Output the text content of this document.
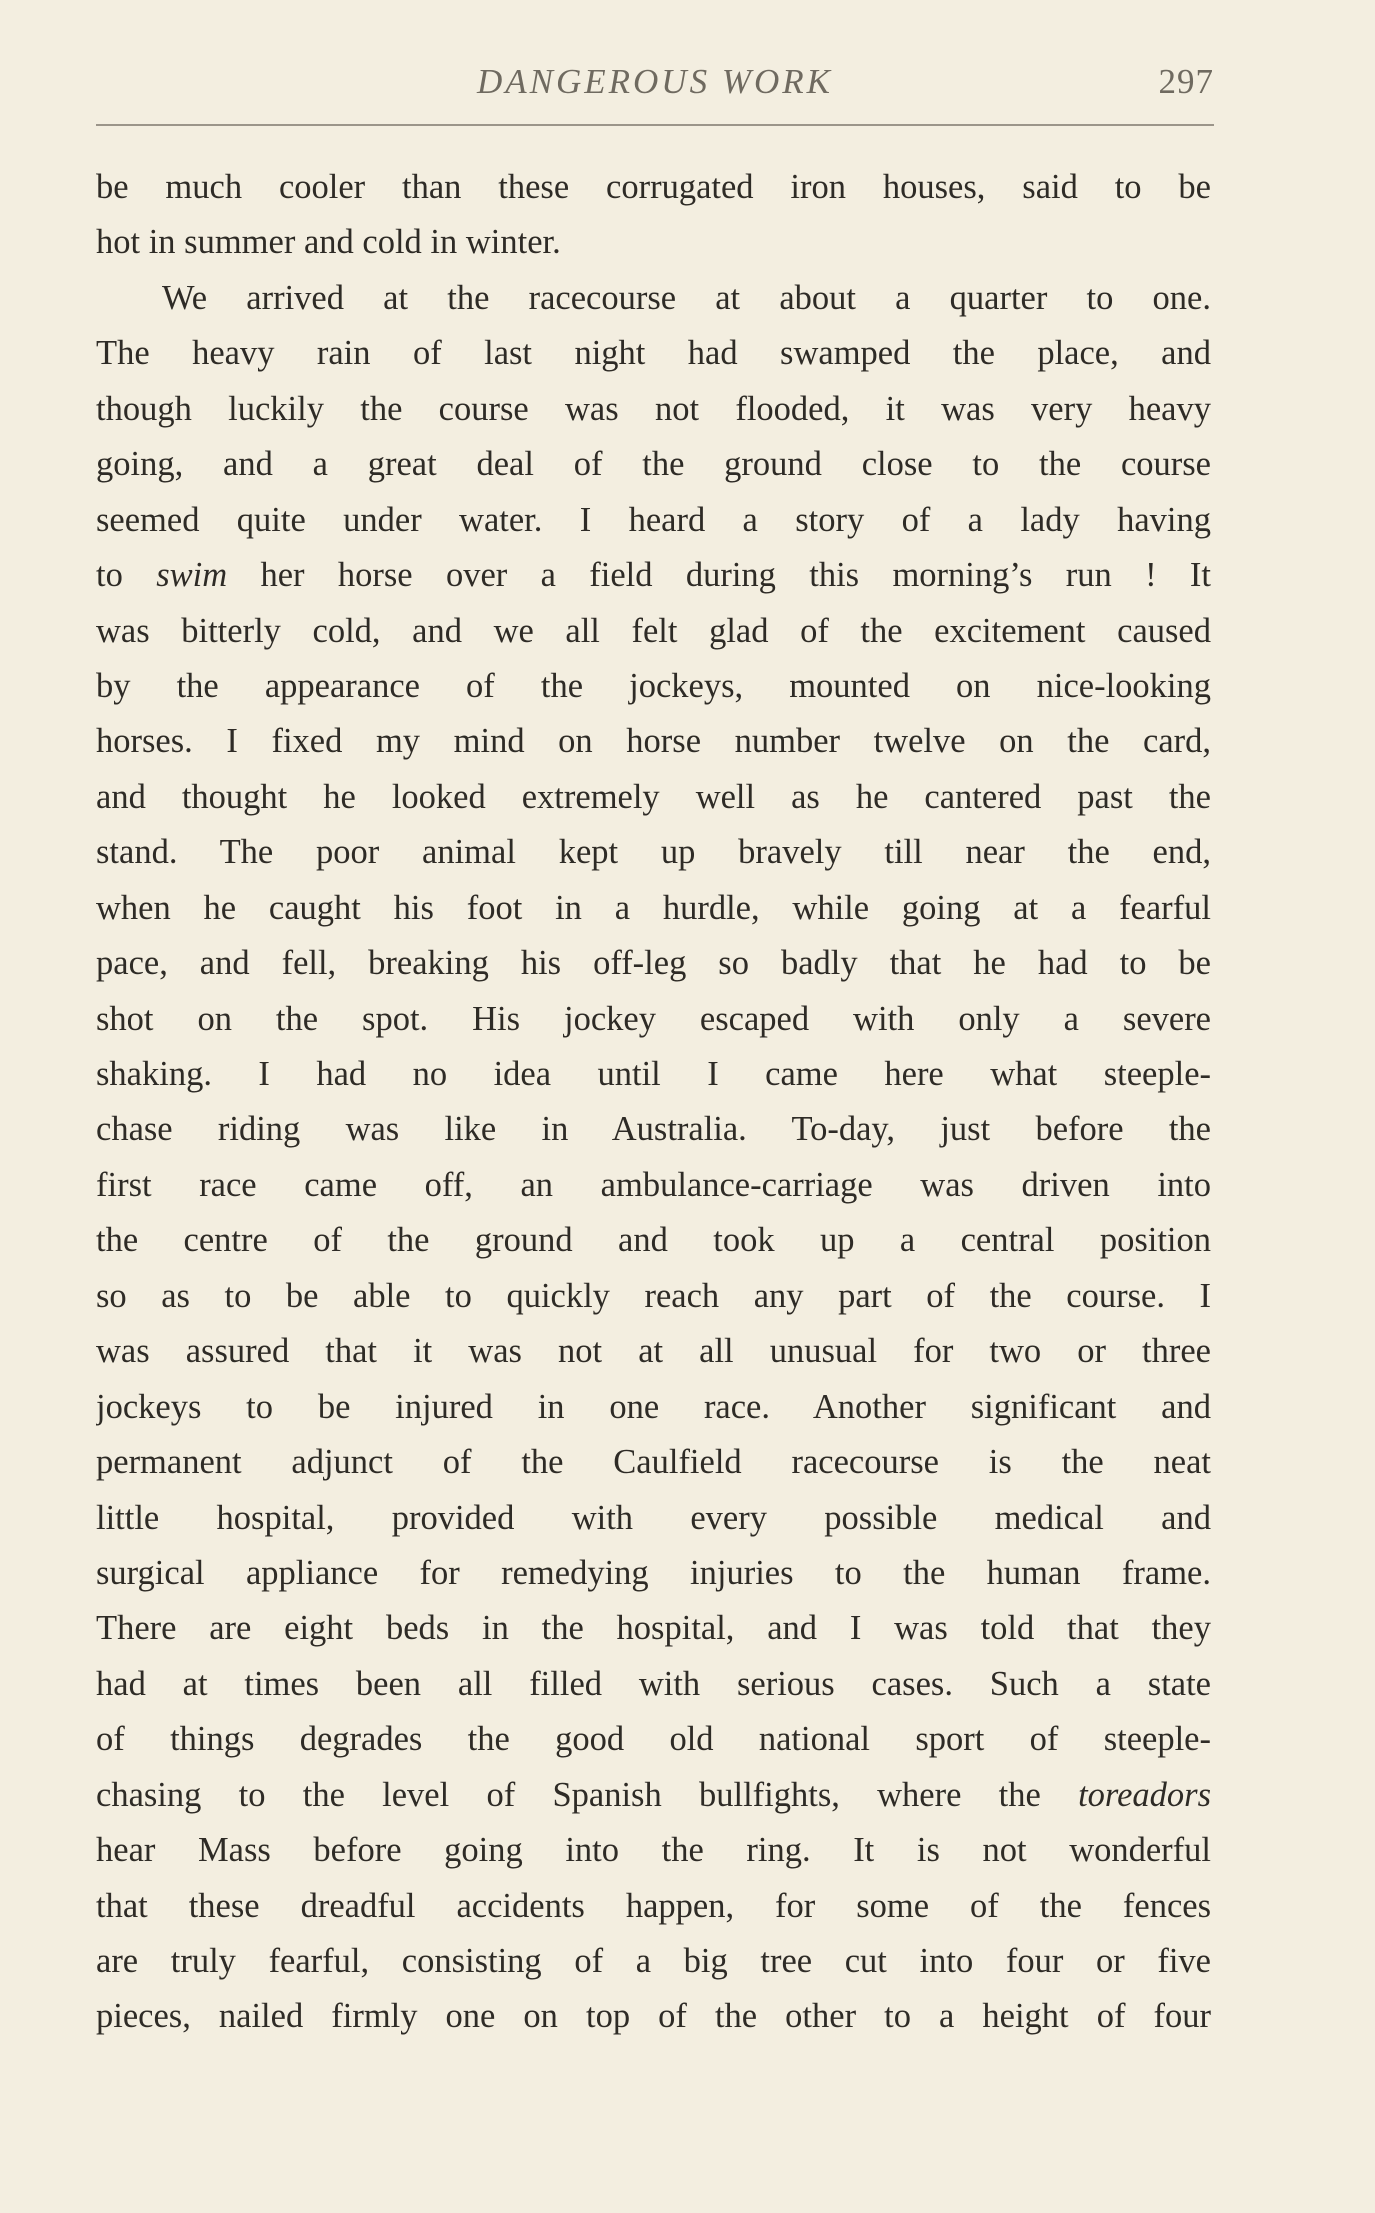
DANGEROUS WORK	297
be much cooler than these corrugated iron houses, said to be
hot in summer and cold in winter.
We arrived at the racecourse at about a quarter to one.
The heavy rain of last night had swamped the place, and
though luckily the course was not flooded, it was very heavy
going, and a great deal of the ground close to the course
seemed quite under water. I heard a story of a lady having
to swim her horse over a field during this morning’s run ! It
was bitterly cold, and we all felt glad of the excitement caused
by the appearance of the jockeys, mounted on nice-looking
horses. I fixed my mind on horse number twelve on the card,
and thought he looked extremely well as he cantered past the
stand. The poor animal kept up bravely till near the end,
when he caught his foot in a hurdle, while going at a fearful
pace, and fell, breaking his off-leg so badly that he had to be
shot on the spot. His jockey escaped with only a severe
shaking. I had no idea until I came here what steeple-
chase riding was like in Australia. To-day, just before the
first race came off, an ambulance-carriage was driven into
the centre of the ground and took up a central position
so as to be able to quickly reach any part of the course. I
was assured that it was not at all unusual for two or three
jockeys to be injured in one race. Another significant and
permanent adjunct of the Caulfield racecourse is the neat
little hospital, provided with every possible medical and
surgical appliance for remedying injuries to the human frame.
There are eight beds in the hospital, and I was told that they
had at times been all filled with serious cases. Such a state
of things degrades the good old national sport of steeple-
chasing to the level of Spanish bullfights, where the toreadors
hear Mass before going into the ring. It is not wonderful
that these dreadful accidents happen, for some of the fences
are truly fearful, consisting of a big tree cut into four or five
pieces, nailed firmly one on top of the other to a height of four
